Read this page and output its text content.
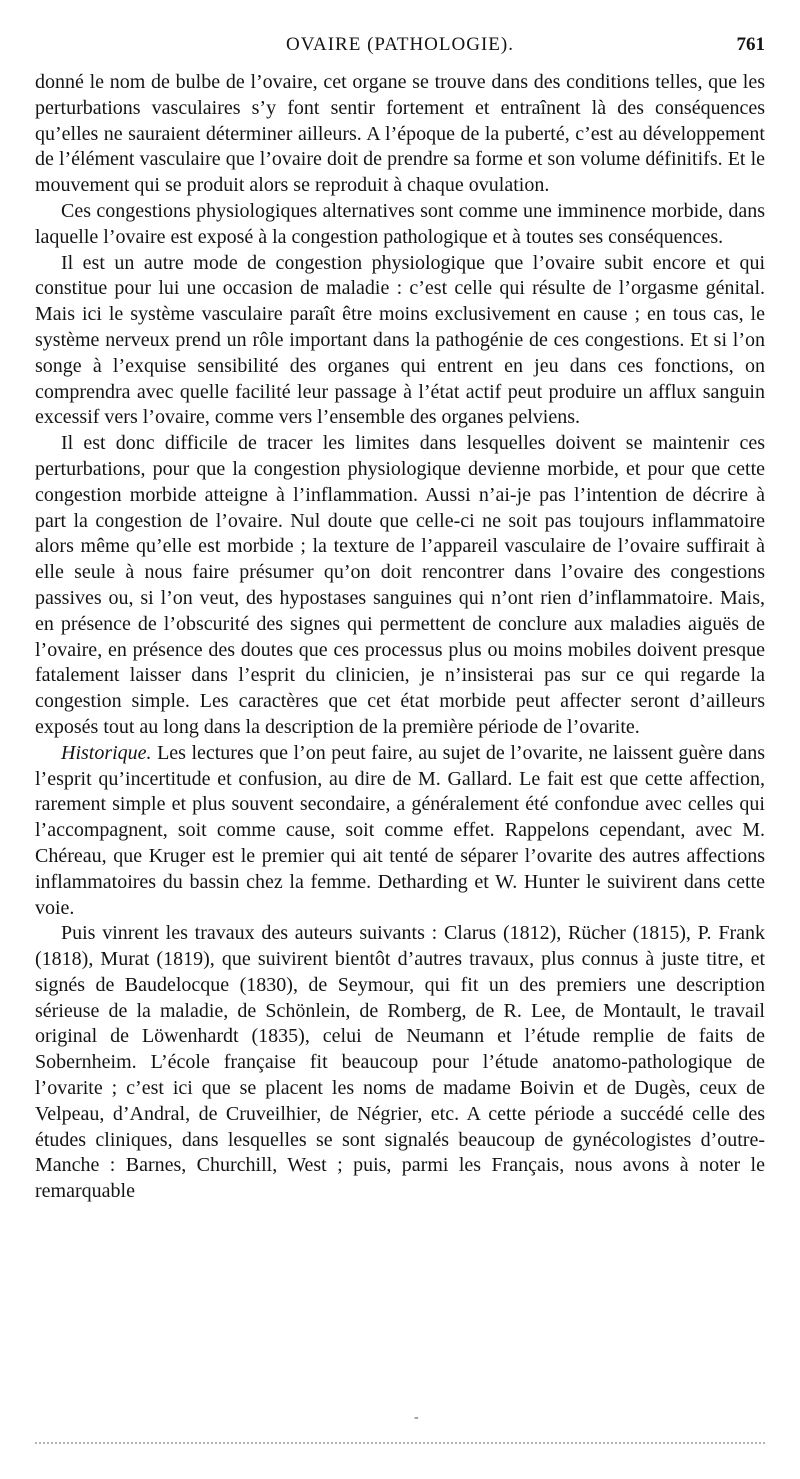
OVAIRE (PATHOLOGIE).	761

donné le nom de bulbe de l’ovaire, cet organe se trouve dans des conditions telles, que les perturbations vasculaires s’y font sentir fortement et entraînent là des conséquences qu’elles ne sauraient déterminer ailleurs. A l’époque de la puberté, c’est au développement de l’élément vasculaire que l’ovaire doit de prendre sa forme et son volume définitifs. Et le mouvement qui se produit alors se reproduit à chaque ovulation.

Ces congestions physiologiques alternatives sont comme une imminence morbide, dans laquelle l’ovaire est exposé à la congestion pathologique et à toutes ses conséquences.

Il est un autre mode de congestion physiologique que l’ovaire subit encore et qui constitue pour lui une occasion de maladie : c’est celle qui résulte de l’orgasme génital. Mais ici le système vasculaire paraît être moins exclusivement en cause ; en tous cas, le système nerveux prend un rôle important dans la pathogénie de ces congestions. Et si l’on songe à l’exquise sensibilité des organes qui entrent en jeu dans ces fonctions, on comprendra avec quelle facilité leur passage à l’état actif peut produire un afflux sanguin excessif vers l’ovaire, comme vers l’ensemble des organes pelviens.

Il est donc difficile de tracer les limites dans lesquelles doivent se maintenir ces perturbations, pour que la congestion physiologique devienne morbide, et pour que cette congestion morbide atteigne à l’inflammation. Aussi n’ai-je pas l’intention de décrire à part la congestion de l’ovaire. Nul doute que celle-ci ne soit pas toujours inflammatoire alors même qu’elle est morbide ; la texture de l’appareil vasculaire de l’ovaire suffirait à elle seule à nous faire présumer qu’on doit rencontrer dans l’ovaire des congestions passives ou, si l’on veut, des hypostases sanguines qui n’ont rien d’inflammatoire. Mais, en présence de l’obscurité des signes qui permettent de conclure aux maladies aiguës de l’ovaire, en présence des doutes que ces processus plus ou moins mobiles doivent presque fatalement laisser dans l’esprit du clinicien, je n’insisterai pas sur ce qui regarde la congestion simple. Les caractères que cet état morbide peut affecter seront d’ailleurs exposés tout au long dans la description de la première période de l’ovarite.

Historique. Les lectures que l’on peut faire, au sujet de l’ovarite, ne laissent guère dans l’esprit qu’incertitude et confusion, au dire de M. Gallard. Le fait est que cette affection, rarement simple et plus souvent secondaire, a généralement été confondue avec celles qui l’accompagnent, soit comme cause, soit comme effet. Rappelons cependant, avec M. Chéreau, que Kruger est le premier qui ait tenté de séparer l’ovarite des autres affections inflammatoires du bassin chez la femme. Detharding et W. Hunter le suivirent dans cette voie.

Puis vinrent les travaux des auteurs suivants : Clarus (1812), Rücher (1815), P. Frank (1818), Murat (1819), que suivirent bientôt d’autres travaux, plus connus à juste titre, et signés de Baudelocque (1830), de Seymour, qui fit un des premiers une description sérieuse de la maladie, de Schönlein, de Romberg, de R. Lee, de Montault, le travail original de Löwenhardt (1835), celui de Neumann et l’étude remplie de faits de Sobernheim. L’école française fit beaucoup pour l’étude anatomo-pathologique de l’ovarite ; c’est ici que se placent les noms de madame Boivin et de Dugès, ceux de Velpeau, d’Andral, de Cruveilhier, de Négrier, etc. A cette période a succédé celle des études cliniques, dans lesquelles se sont signalés beaucoup de gynécologistes d’outre-Manche : Barnes, Churchill, West ; puis, parmi les Français, nous avons à noter le remarquable

-
